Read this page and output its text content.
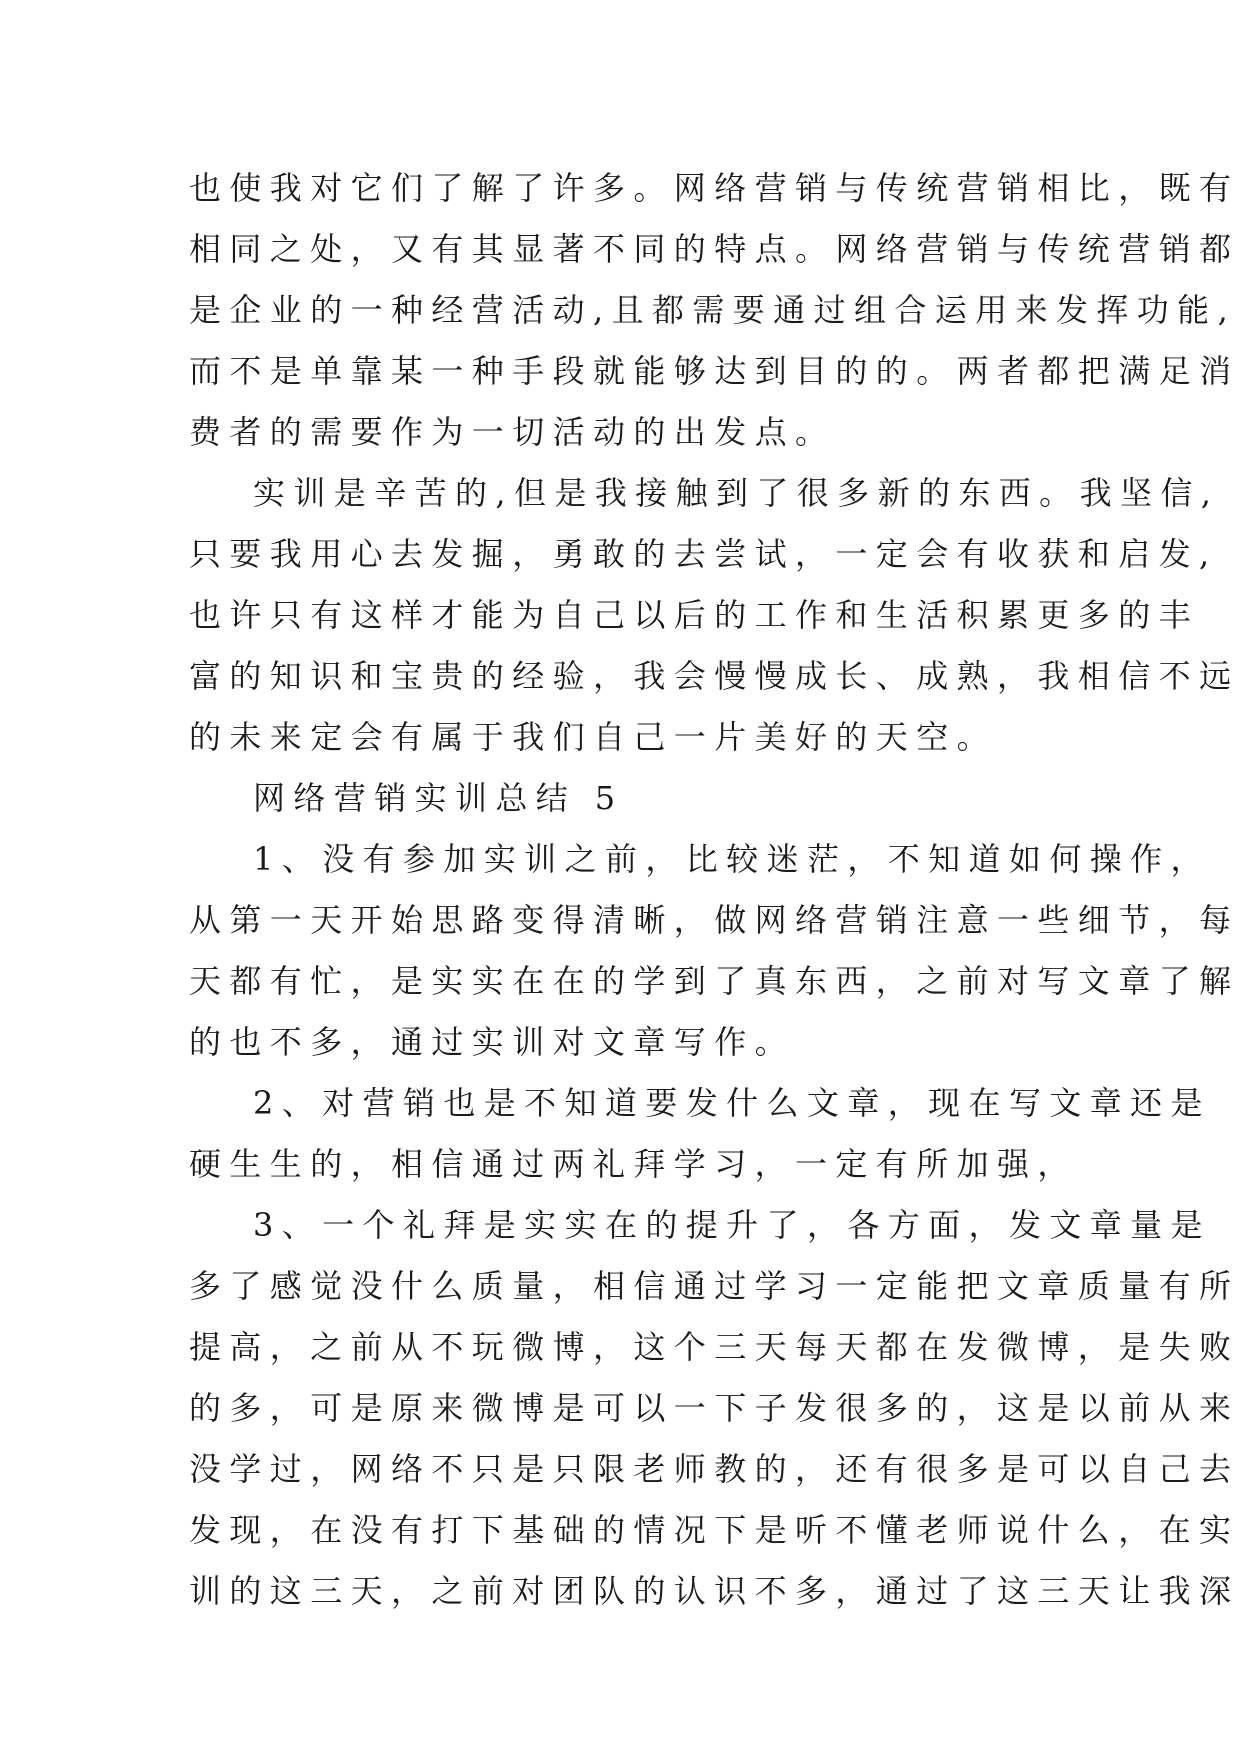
也使我对它们了解了许多。网络营销与传统营销相比，既有
相同之处，又有其显著不同的特点。网络营销与传统营销都
是企业的一种经营活动,且都需要通过组合运用来发挥功能,
而不是单靠某一种手段就能够达到目的的。两者都把满足消
费者的需要作为一切活动的出发点。
实训是辛苦的,但是我接触到了很多新的东西。我坚信,
只要我用心去发掘，勇敢的去尝试，一定会有收获和启发,
也许只有这样才能为自己以后的工作和生活积累更多的丰
富的知识和宝贵的经验，我会慢慢成长、成熟，我相信不远
的未来定会有属于我们自己一片美好的天空。
网络营销实训总结 5
1、没有参加实训之前，比较迷茫，不知道如何操作，
从第一天开始思路变得清晰，做网络营销注意一些细节，每
天都有忙，是实实在在的学到了真东西，之前对写文章了解
的也不多，通过实训对文章写作。
2、对营销也是不知道要发什么文章，现在写文章还是
硬生生的，相信通过两礼拜学习，一定有所加强，
3、一个礼拜是实实在的提升了，各方面，发文章量是
多了感觉没什么质量，相信通过学习一定能把文章质量有所
提高，之前从不玩微博，这个三天每天都在发微博，是失败
的多，可是原来微博是可以一下子发很多的，这是以前从来
没学过，网络不只是只限老师教的，还有很多是可以自己去
发现，在没有打下基础的情况下是听不懂老师说什么，在实
训的这三天，之前对团队的认识不多，通过了这三天让我深
